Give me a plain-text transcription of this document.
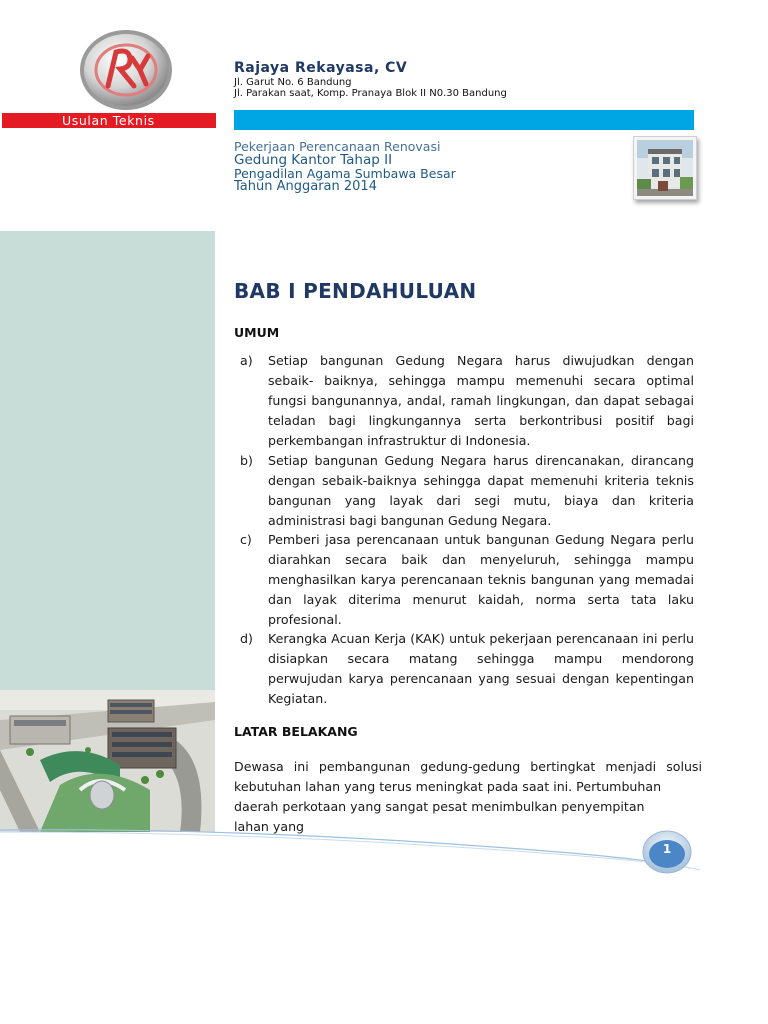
Rajaya Rekayasa, CV
Jl. Garut No. 6 Bandung
Jl. Parakan saat, Komp. Pranaya Blok II N0.30 Bandung
Usulan Teknis
Pekerjaan Perencanaan Renovasi
Gedung Kantor Tahap II
Pengadilan Agama Sumbawa Besar
Tahun Anggaran 2014
BAB I PENDAHULUAN
UMUM
a) Setiap bangunan Gedung Negara harus diwujudkan dengan sebaik- baiknya, sehingga mampu memenuhi secara optimal fungsi bangunannya, andal, ramah lingkungan, dan dapat sebagai teladan bagi lingkungannya serta berkontribusi positif bagi perkembangan infrastruktur di Indonesia.
b) Setiap bangunan Gedung Negara harus direncanakan, dirancang dengan sebaik-baiknya sehingga dapat memenuhi kriteria teknis bangunan yang layak dari segi mutu, biaya dan kriteria administrasi bagi bangunan Gedung Negara.
c) Pemberi jasa perencanaan untuk bangunan Gedung Negara perlu diarahkan secara baik dan menyeluruh, sehingga mampu menghasilkan karya perencanaan teknis bangunan yang memadai dan layak diterima menurut kaidah, norma serta tata laku profesional.
d) Kerangka Acuan Kerja (KAK) untuk pekerjaan perencanaan ini perlu disiapkan secara matang sehingga mampu mendorong perwujudan karya perencanaan yang sesuai dengan kepentingan Kegiatan.
LATAR BELAKANG
Dewasa ini pembangunan gedung-gedung bertingkat menjadi solusi
kebutuhan lahan yang terus meningkat pada saat ini. Pertumbuhan
daerah perkotaan yang sangat pesat menimbulkan penyempitan
lahan yang
1
